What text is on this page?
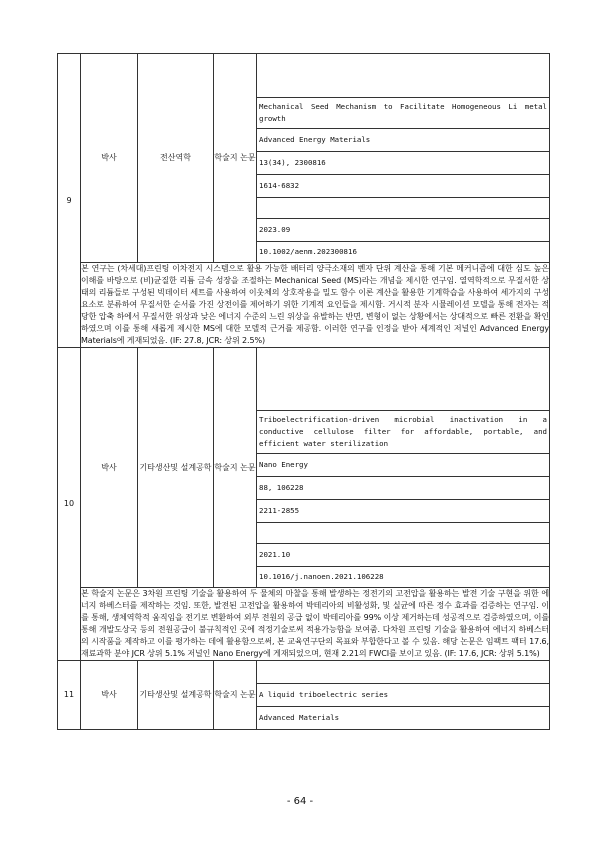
9	박사	전산역학	학술지 논문	

				Mechanical Seed Mechanism to Facilitate Homogeneous Li metal growth

				Advanced Energy Materials

				13(34), 2300816

				1614-6832

				2023.09

				10.1002/aenm.202300816

	본 연구는 (차세대)프린팅 이차전지 시스템으로 활용 가능한 배터리 양극소재의 벤자 단위 계산을 통해 기본 메커니즘에 대한 심도 높은 이해를 바탕으로 (비)균질한 리튬 금속 성장을 조절하는 Mechanical Seed (MS)라는 개념을 제시한 연구임. 열역학적으로 무질서한 상태의 리튬들로 구성된 빅데이터 세트를 사용하여 이웃체의 상호작용을 밀도 함수 이론 계산을 활용한 기계학습을 사용하여 세가지의 구성 요소로 분류하여 무질서한 순서를 가진 상전이를 제어하기 위한 기계적 요인들을 제시함. 거시적 분자 시뮬레이션 모델을 통해 전자는 적당한 압축 하에서 무질서한 위상과 낮은 에너지 수준의 느린 위상을 유발하는 반면, 변형이 없는 상황에서는 상대적으로 빠른 전환을 확인하였으며 이를 통해 새롭게 제시한 MS에 대한 모델적 근거를 제공함. 이러한 연구를 인정을 받아 세계적인 저널인 Advanced Energy Materials에 게재되었음. (IF: 27.8, JCR: 상위 2.5%)			
10	박사	기타생산및 설계공학	학술지 논문	

				Triboelectrification-driven microbial inactivation in a conductive cellulose filter for affordable, portable, and efficient water sterilization

				Nano Energy

				88, 106228

				2211-2855

				2021.10

				10.1016/j.nanoen.2021.106228

	본 학술지 논문은 3차원 프린팅 기술을 활용하여 두 물체의 마찰을 통해 발생하는 정전기의 고전압을 활용하는 발전 기술 구현을 위한 에너지 하베스터를 제작하는 것임. 또한, 발전된 고전압을 활용하여 박테리아의 비활성화, 및 실균에 따른 정수 효과를 검증하는 연구임. 이를 통해, 생체역학적 움직임을 전기로 변환하여 외부 전원의 공급 없이 박테리아를 99% 이상 제거하는데 성공적으로 검증하였으며, 이를 통해 개발도상국 등의 전원공급이 불규칙적인 곳에 적정기술로써 적용가능함을 보여줌. 다차원 프린팅 기술을 활용하여 에너지 하베스터의 시작품을 제작하고 이를 평가하는 데에 활용함으로써, 본 교육연구단의 목표와 부합한다고 볼 수 있음. 해당 논문은 임팩트 팩터 17.6, 재료과학 분야 JCR 상위 5.1% 저널인 Nano Energy에 게재되었으며, 현재 2.21의 FWCI를 보이고 있음. (IF: 17.6, JCR: 상위 5.1%)			
11	박사	기타생산및 설계공학	학술지 논문	

				A liquid triboelectric series

				Advanced Materials
- 64 -
